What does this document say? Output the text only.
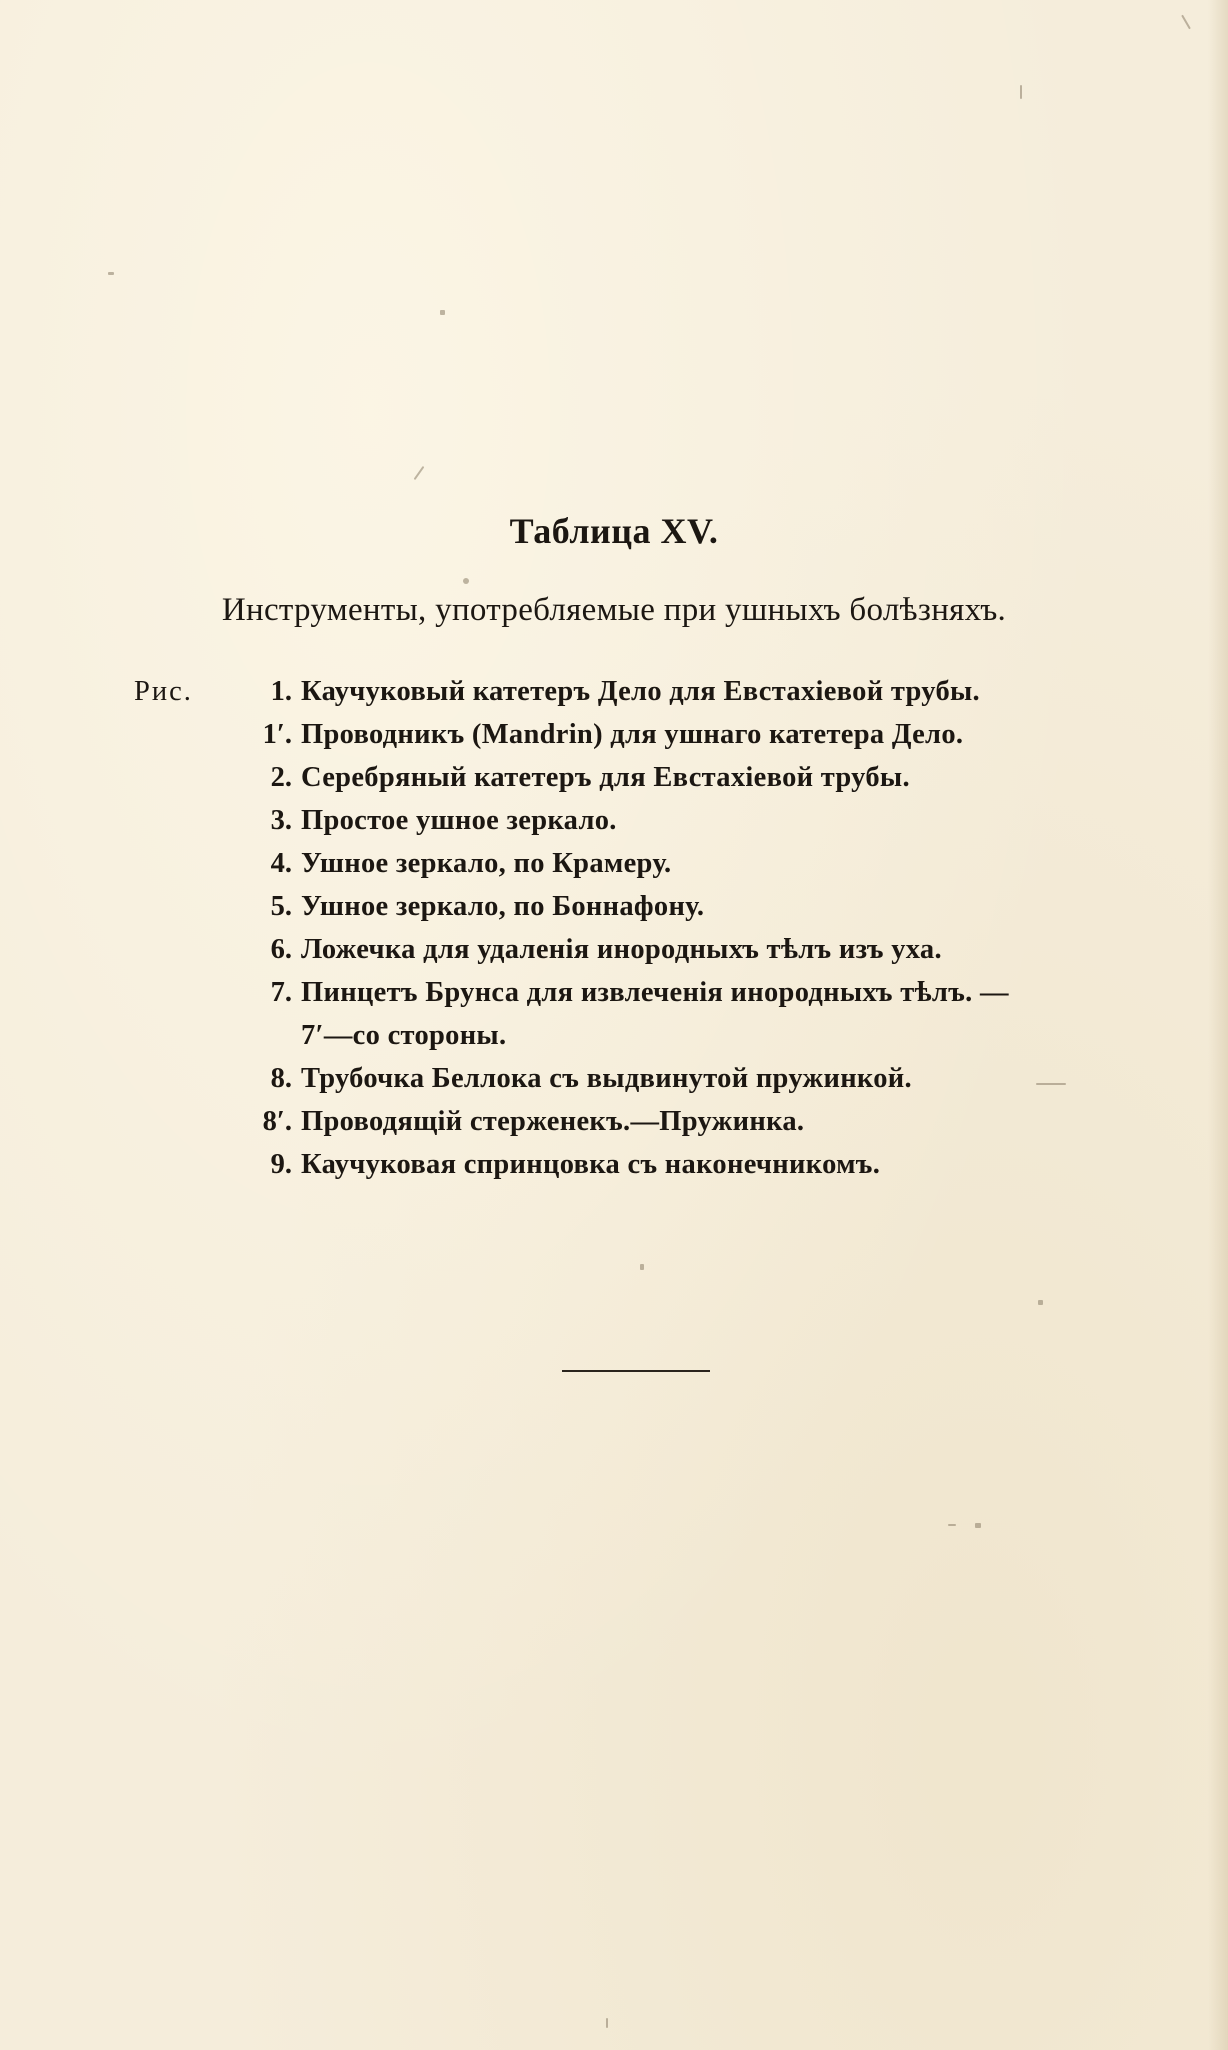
Таблица XV.
Инструменты, употребляемые при ушныхъ болѣзняхъ.
Рис.	1. Каучуковый катетеръ Дело для Евстахіевой трубы.
1′. Проводникъ (Mandrin) для ушнаго катетера Дело.
2. Серебряный катетеръ для Евстахіевой трубы.
3. Простое ушное зеркало.
4. Ушное зеркало, по Крамеру.
5. Ушное зеркало, по Боннафону.
6. Ложечка для удаленія инородныхъ тѣлъ изъ уха.
7. Пинцетъ Брунса для извлеченія инородныхъ тѣлъ. —
7′—со стороны.
8. Трубочка Беллока съ выдвинутой пружинкой.
8′. Проводящій стерженекъ.—Пружинка.
9. Каучуковая спринцовка съ наконечникомъ.
